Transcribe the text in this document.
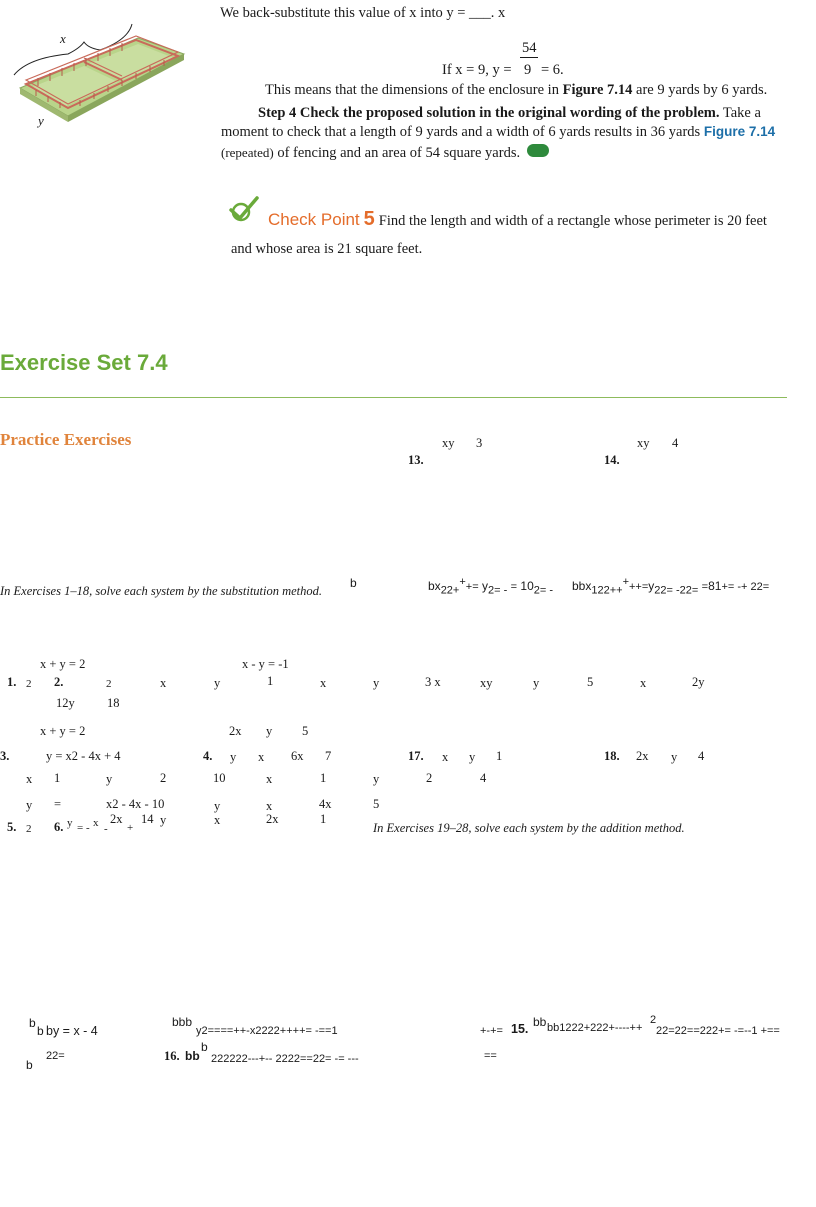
x
y
We back-substitute this value of x into y = ___. x
54
If x = 9, y = 9 = 6.
This means that the dimensions of the enclosure in Figure 7.14 are 9 yards by 6 yards.
Step 4 Check the proposed solution in the original wording of the problem. Take a
moment to check that a length of 9 yards and a width of 6 yards results in 36 yards Figure 7.14
(repeated) of fencing and an area of 54 square yards.
Check Point 5 Find the length and width of a rectangle whose perimeter is 20 feet
and whose area is 21 square feet.
Exercise Set 7.4
Practice Exercises	xy 3
13.
xy 4
14.
In Exercises 1–18, solve each system by the substitution method.
b	$bx_{22+}^++= y_{2= -} = 10_{2= -}$ $bbx_{122++}^+++=y_{22= -22=} =81+= -+ 22=$
x + y = 2	x - y = -1
1. 2 2.	2	x	y	1	x	y	3 x	xy	y	5	x	2y
12y	18
x + y = 2	2x y 5
3.	y = x2 - 4x + 4	4. y x 6x 7	17. x y 1	18. 2x y 4
x 1	y	2	10	x	1	y	2	4
y =	x2 - 4x - 10	y	x	4x	5
5. 2 6. y = - x -
2x
+
14 y	x	2x	1
In Exercises 19–28, solve each system by the addition method.
b
b by = x - 4
bbb
y2====++-x2222++++= -==1	+-+= 15. bb bb1222+222+----++
2
22=22==222+= -=--1 +==
b
22=	16. bb
b
222222---+-- 2222==22= -= ---	==
